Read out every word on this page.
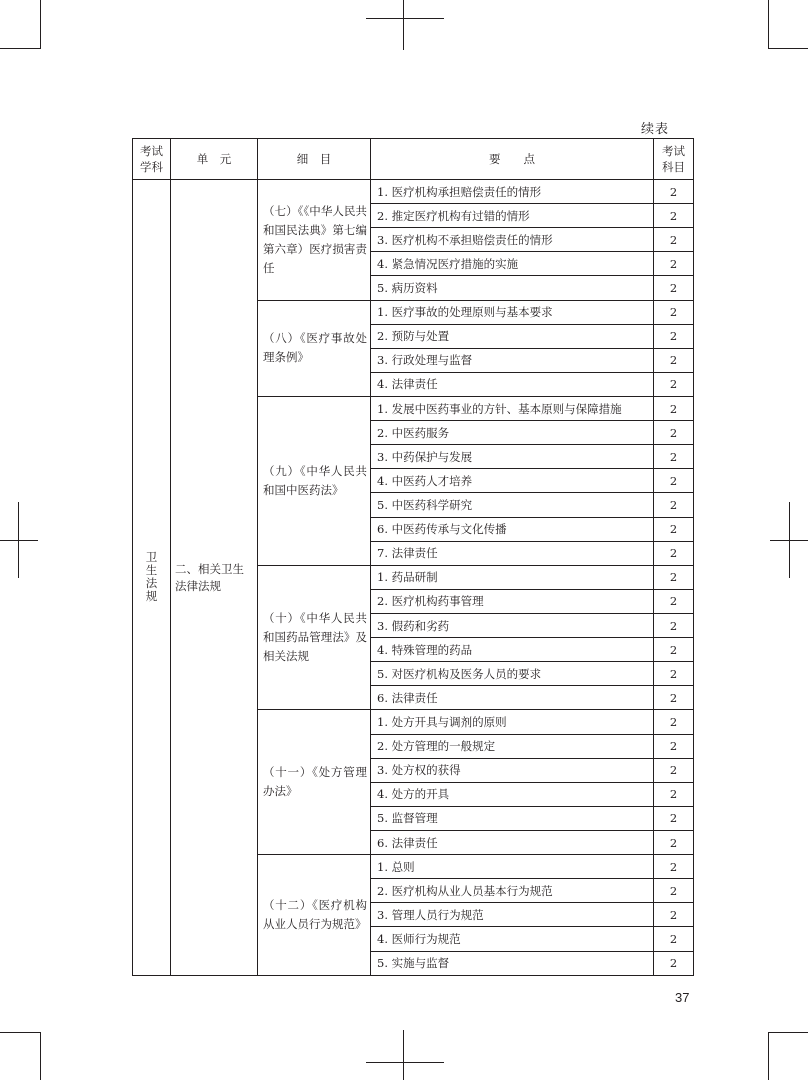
续表
考试学科	单　元	细　目	要　　点	考试科目
卫生法规	二、相关卫生法律法规	（七）《《中华人民共和国民法典》第七编第六章）医疗损害责任	1. 医疗机构承担赔偿责任的情形	2
			2. 推定医疗机构有过错的情形	2
			3. 医疗机构不承担赔偿责任的情形	2
			4. 紧急情况医疗措施的实施	2
			5. 病历资料	2
		（八）《医疗事故处理条例》	1. 医疗事故的处理原则与基本要求	2
			2. 预防与处置	2
			3. 行政处理与监督	2
			4. 法律责任	2
		（九）《中华人民共和国中医药法》	1. 发展中医药事业的方针、基本原则与保障措施	2
			2. 中医药服务	2
			3. 中药保护与发展	2
			4. 中医药人才培养	2
			5. 中医药科学研究	2
			6. 中医药传承与文化传播	2
			7. 法律责任	2
		（十）《中华人民共和国药品管理法》及相关法规	1. 药品研制	2
			2. 医疗机构药事管理	2
			3. 假药和劣药	2
			4. 特殊管理的药品	2
			5. 对医疗机构及医务人员的要求	2
			6. 法律责任	2
		（十一）《处方管理办法》	1. 处方开具与调剂的原则	2
			2. 处方管理的一般规定	2
			3. 处方权的获得	2
			4. 处方的开具	2
			5. 监督管理	2
			6. 法律责任	2
		（十二）《医疗机构从业人员行为规范》	1. 总则	2
			2. 医疗机构从业人员基本行为规范	2
			3. 管理人员行为规范	2
			4. 医师行为规范	2
			5. 实施与监督	2
37
